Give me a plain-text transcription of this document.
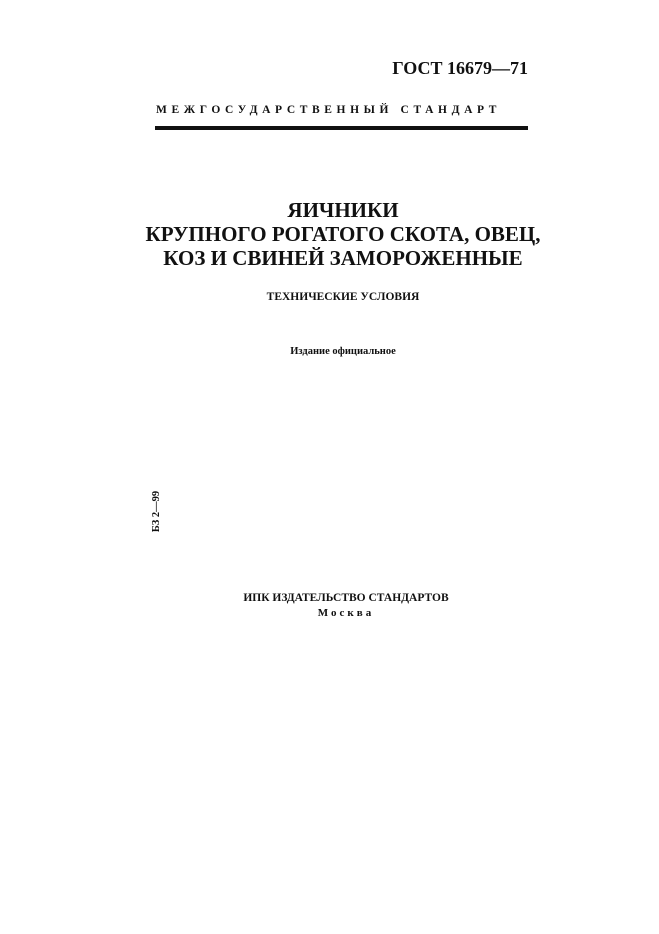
ГОСТ 16679—71
МЕЖГОСУДАРСТВЕННЫЙ СТАНДАРТ
ЯИЧНИКИ
КРУПНОГО РОГАТОГО СКОТА, ОВЕЦ,
КОЗ И СВИНЕЙ ЗАМОРОЖЕННЫЕ
ТЕХНИЧЕСКИЕ УСЛОВИЯ
Издание официальное
БЗ 2—99
ИПК ИЗДАТЕЛЬСТВО СТАНДАРТОВ
Москва
